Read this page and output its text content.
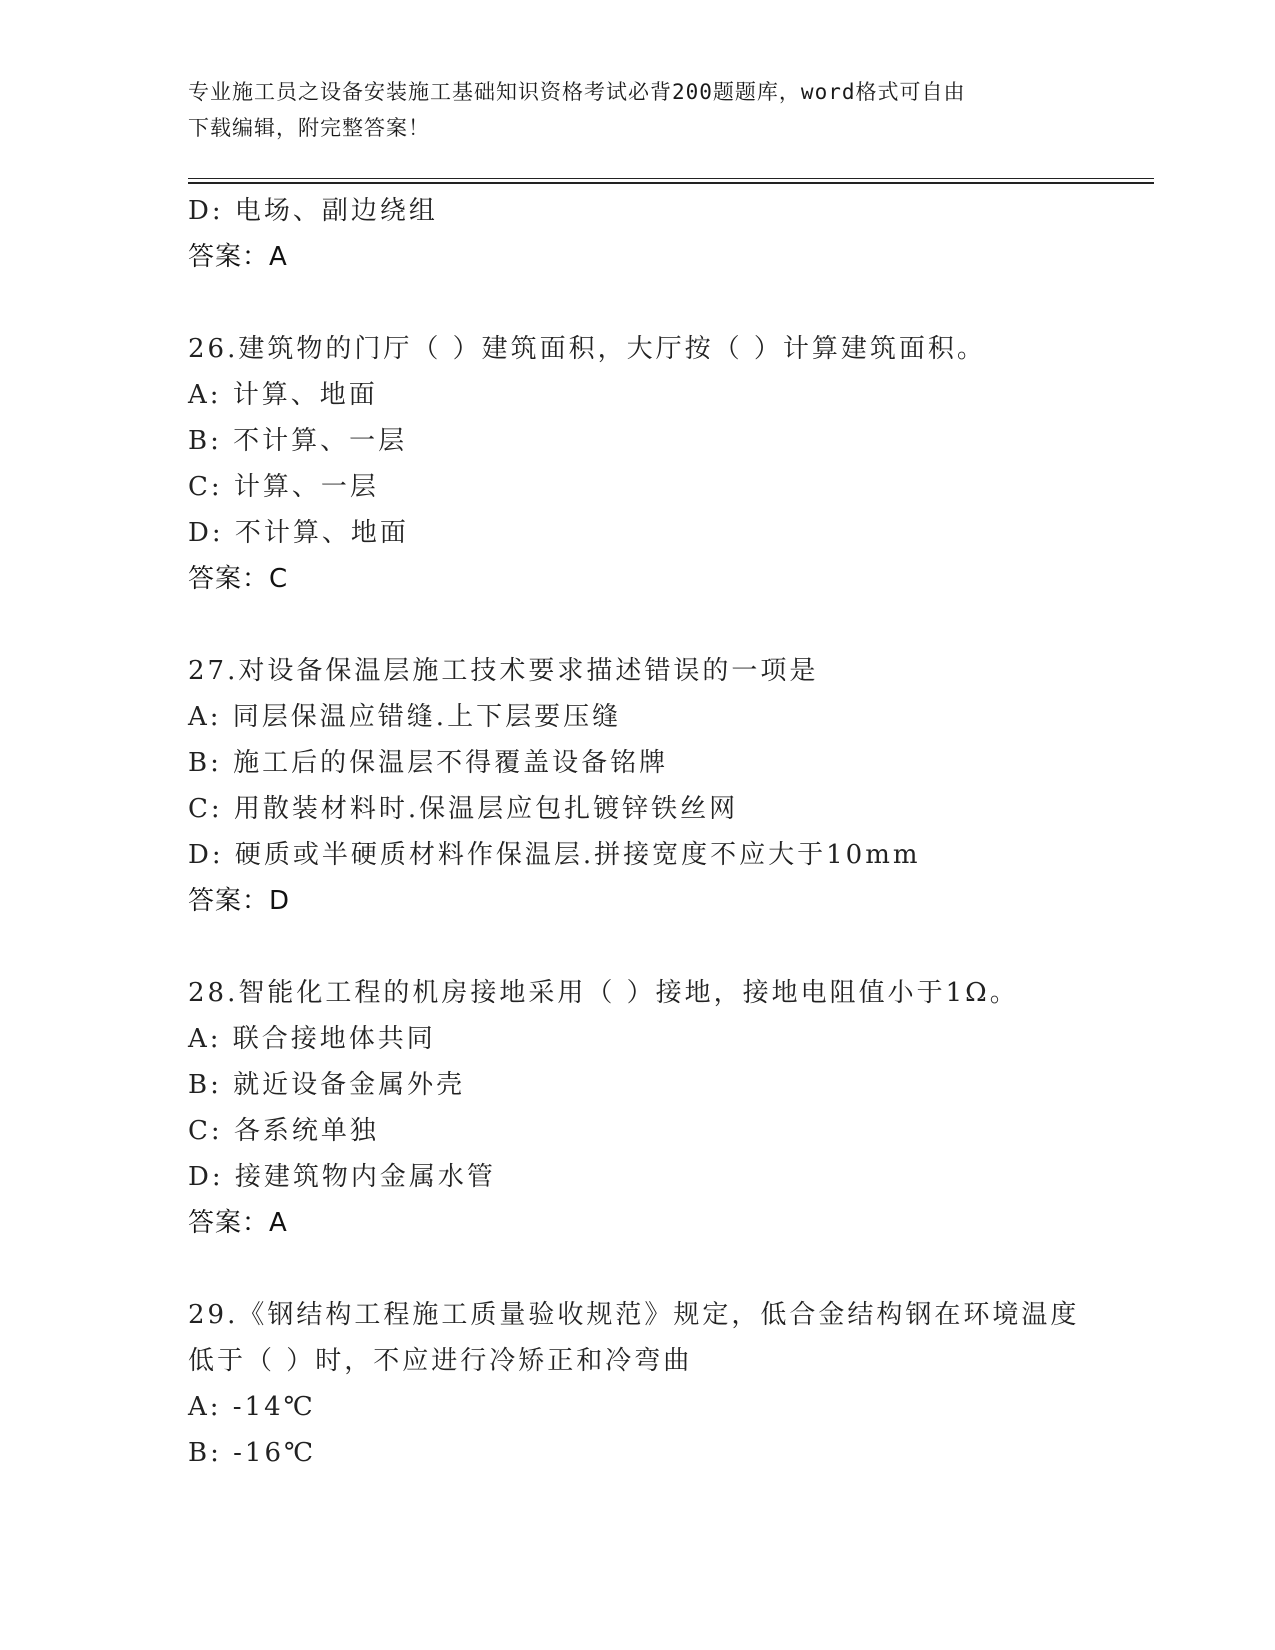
专业施工员之设备安装施工基础知识资格考试必背200题题库，word格式可自由
下载编辑，附完整答案！
D: 电场、副边绕组
答案：A
26.建筑物的门厅（ ）建筑面积，大厅按（ ）计算建筑面积。
A: 计算、地面
B: 不计算、一层
C: 计算、一层
D: 不计算、地面
答案：C
27.对设备保温层施工技术要求描述错误的一项是
A: 同层保温应错缝.上下层要压缝
B: 施工后的保温层不得覆盖设备铭牌
C: 用散装材料时.保温层应包扎镀锌铁丝网
D: 硬质或半硬质材料作保温层.拼接宽度不应大于10mm
答案：D
28.智能化工程的机房接地采用（ ）接地，接地电阻值小于1Ω。
A: 联合接地体共同
B: 就近设备金属外壳
C: 各系统单独
D: 接建筑物内金属水管
答案：A
29.《钢结构工程施工质量验收规范》规定，低合金结构钢在环境温度
低于（ ）时，不应进行冷矫正和冷弯曲
A: -14℃
B: -16℃
